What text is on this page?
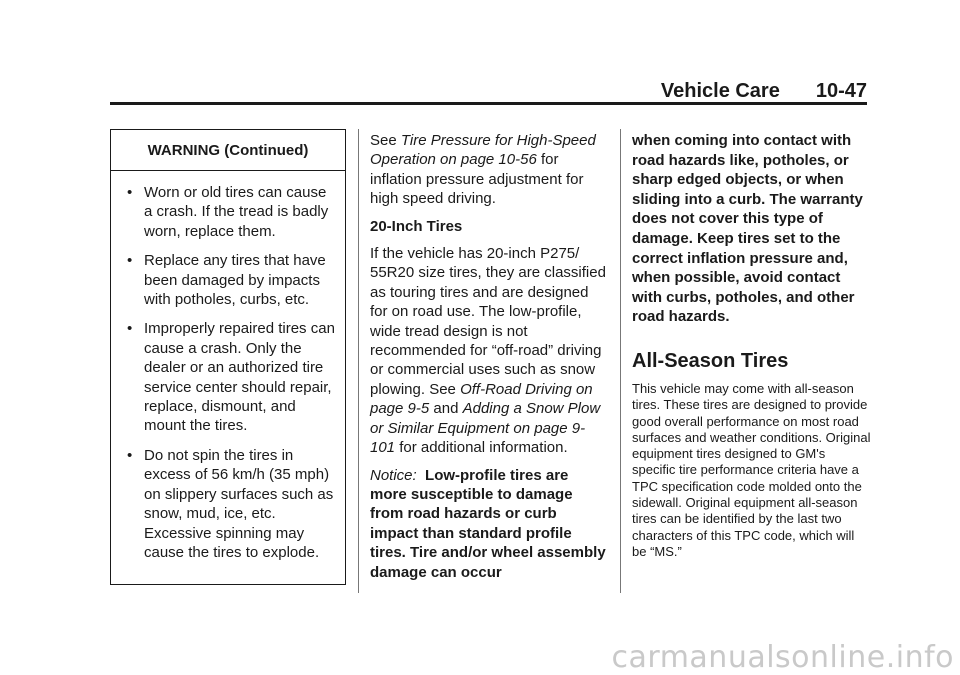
Vehicle Care 10-47
WARNING (Continued)
• Worn or old tires can cause a crash. If the tread is badly worn, replace them.
• Replace any tires that have been damaged by impacts with potholes, curbs, etc.
• Improperly repaired tires can cause a crash. Only the dealer or an authorized tire service center should repair, replace, dismount, and mount the tires.
• Do not spin the tires in excess of 56 km/h (35 mph) on slippery surfaces such as snow, mud, ice, etc. Excessive spinning may cause the tires to explode.

See Tire Pressure for High-Speed Operation on page 10-56 for inflation pressure adjustment for high speed driving.

20-Inch Tires

If the vehicle has 20-inch P275/ 55R20 size tires, they are classified as touring tires and are designed for on road use. The low-profile, wide tread design is not recommended for “off-road” driving or commercial uses such as snow plowing. See Off-Road Driving on page 9-5 and Adding a Snow Plow or Similar Equipment on page 9-101 for additional information.

Notice: Low-profile tires are more susceptible to damage from road hazards or curb impact than standard profile tires. Tire and/or wheel assembly damage can occur

when coming into contact with road hazards like, potholes, or sharp edged objects, or when sliding into a curb. The warranty does not cover this type of damage. Keep tires set to the correct inflation pressure and, when possible, avoid contact with curbs, potholes, and other road hazards.

All-Season Tires

This vehicle may come with all-season tires. These tires are designed to provide good overall performance on most road surfaces and weather conditions. Original equipment tires designed to GM's specific tire performance criteria have a TPC specification code molded onto the sidewall. Original equipment all-season tires can be identified by the last two characters of this TPC code, which will be “MS.”

carmanualsonline.info
